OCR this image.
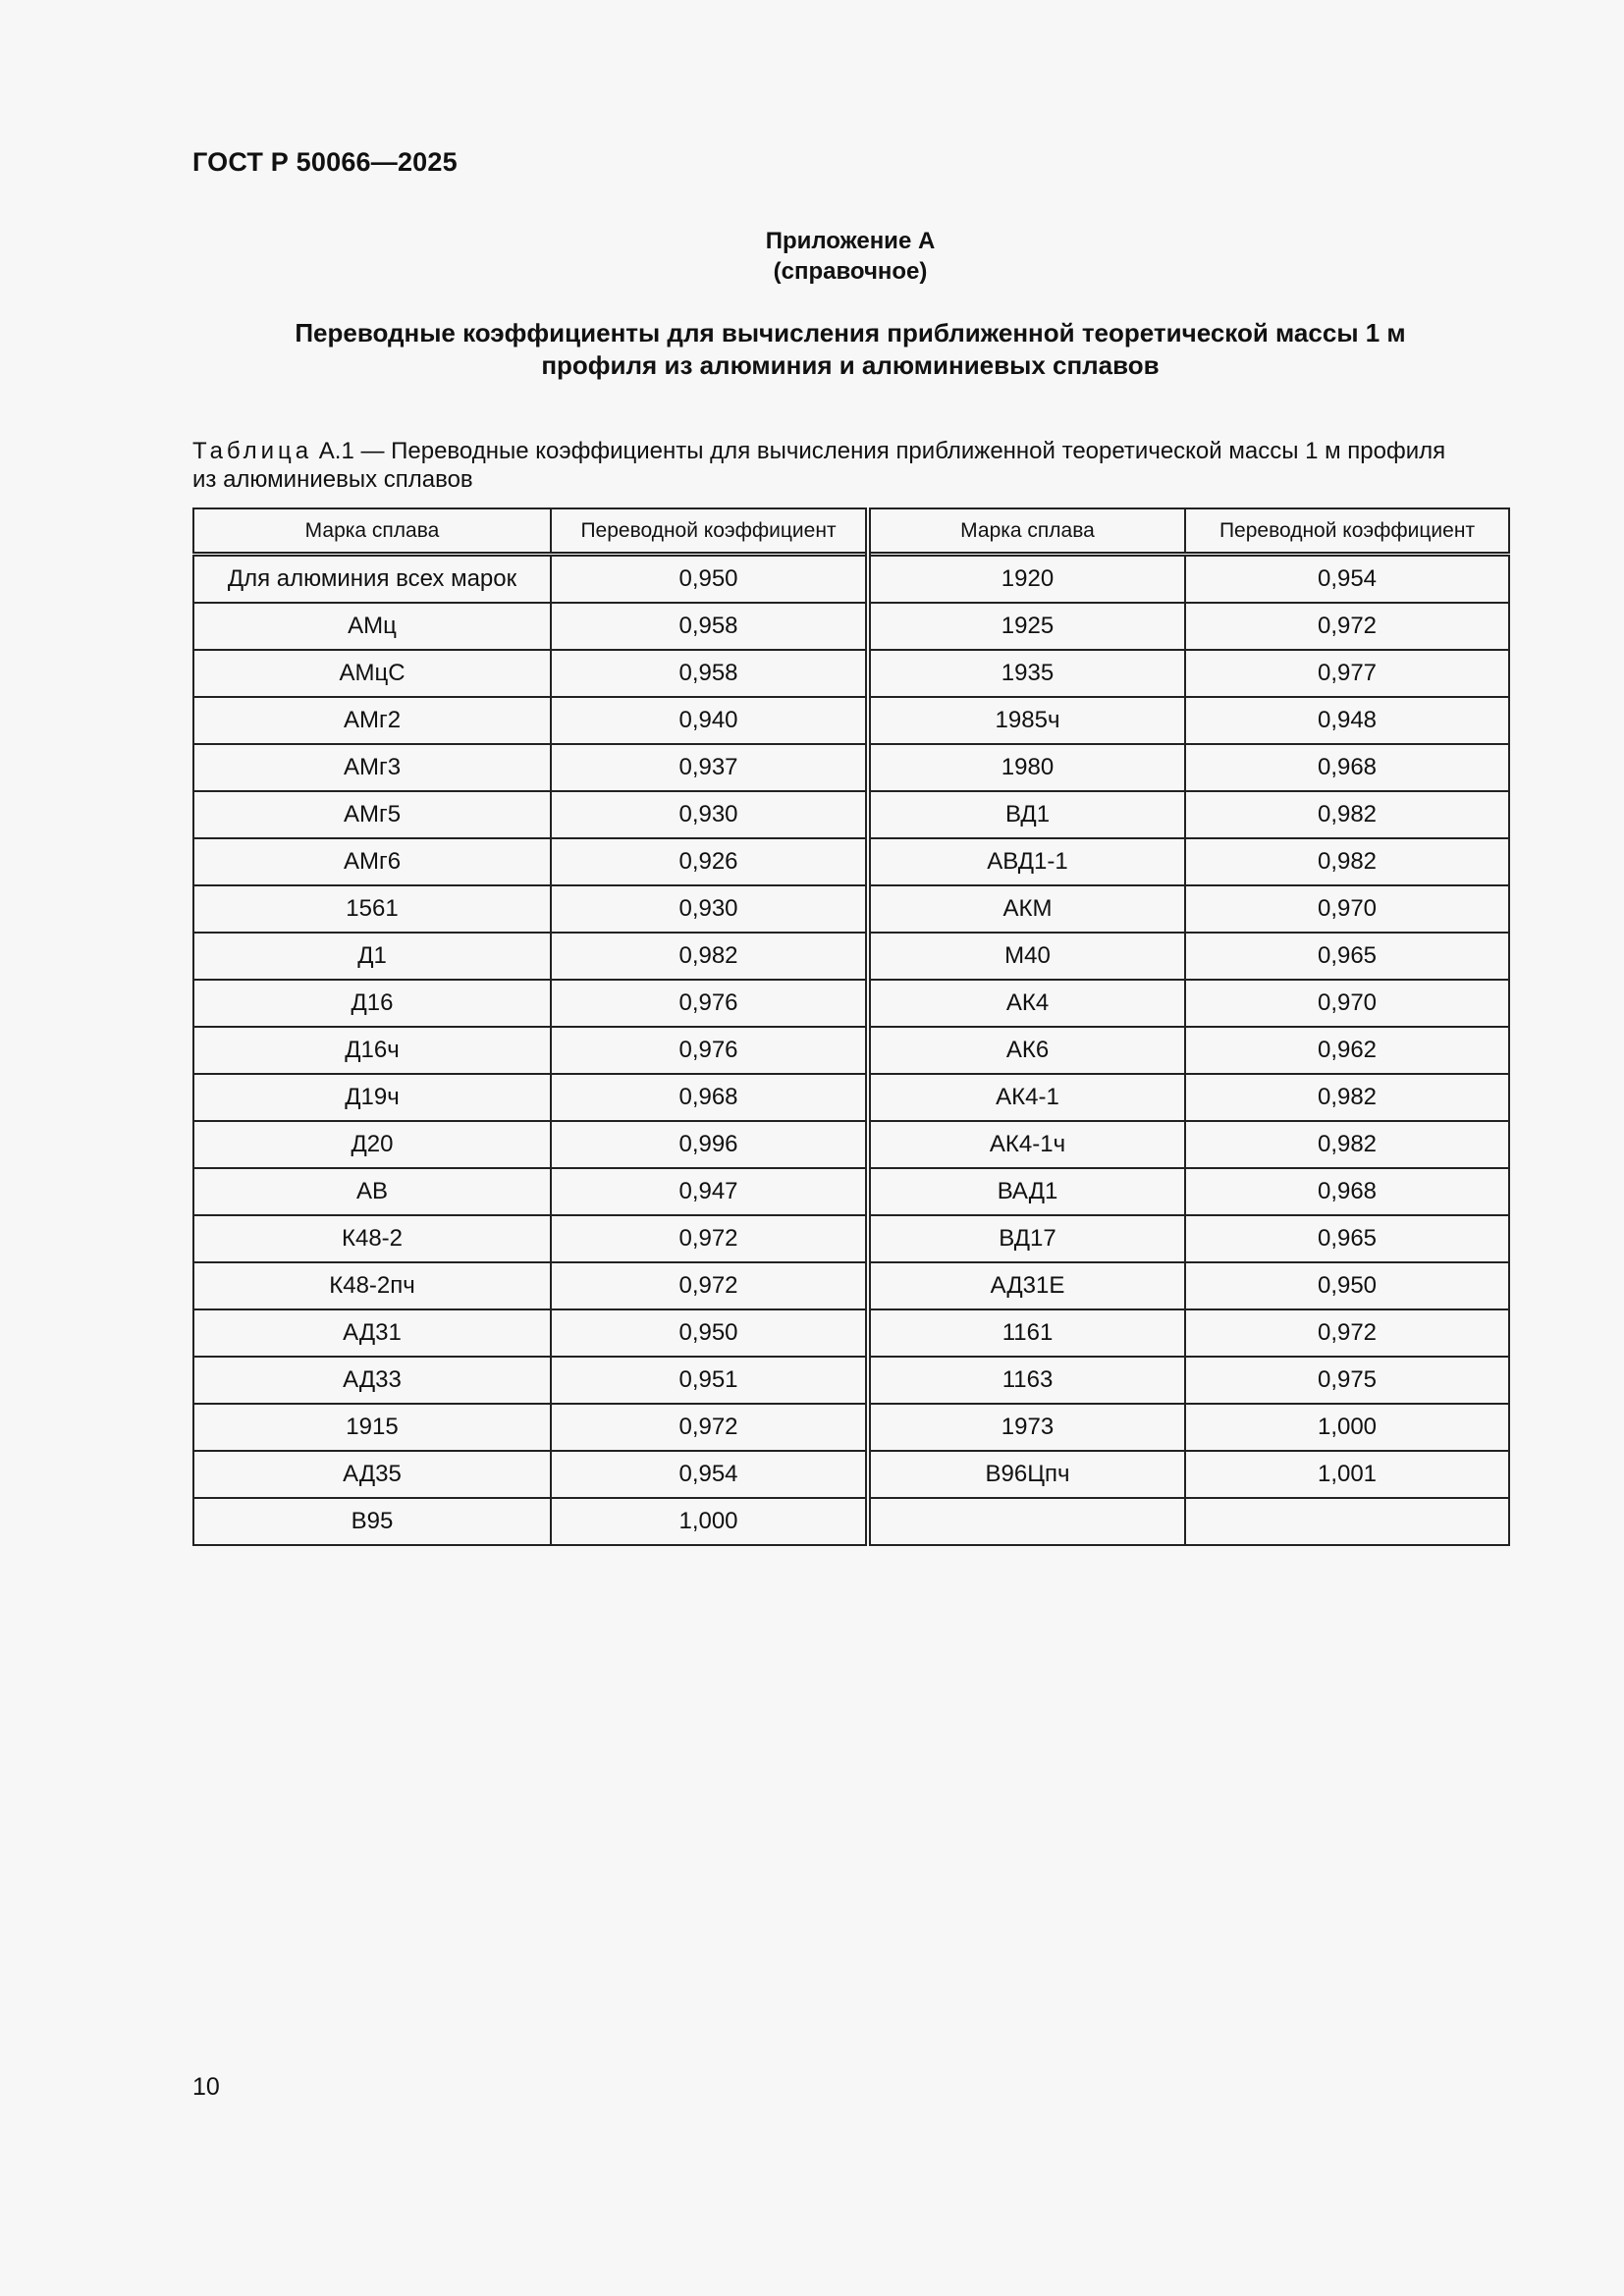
ГОСТ Р 50066—2025
Приложение А
(справочное)
Переводные коэффициенты для вычисления приближенной теоретической массы 1 м
профиля из алюминия и алюминиевых сплавов
Таблица А.1 — Переводные коэффициенты для вычисления приближенной теоретической массы 1 м профиля
из алюминиевых сплавов
Марка сплава	Переводной коэффициент	Марка сплава	Переводной коэффициент
Для алюминия всех марок	0,950	1920	0,954
АМц	0,958	1925	0,972
АМцС	0,958	1935	0,977
АМг2	0,940	1985ч	0,948
АМг3	0,937	1980	0,968
АМг5	0,930	ВД1	0,982
АМг6	0,926	АВД1-1	0,982
1561	0,930	АКМ	0,970
Д1	0,982	М40	0,965
Д16	0,976	АК4	0,970
Д16ч	0,976	АК6	0,962
Д19ч	0,968	АК4-1	0,982
Д20	0,996	АК4-1ч	0,982
АВ	0,947	ВАД1	0,968
К48-2	0,972	ВД17	0,965
К48-2пч	0,972	АД31Е	0,950
АД31	0,950	1161	0,972
АД33	0,951	1163	0,975
1915	0,972	1973	1,000
АД35	0,954	В96Цпч	1,001
В95	1,000		
10
